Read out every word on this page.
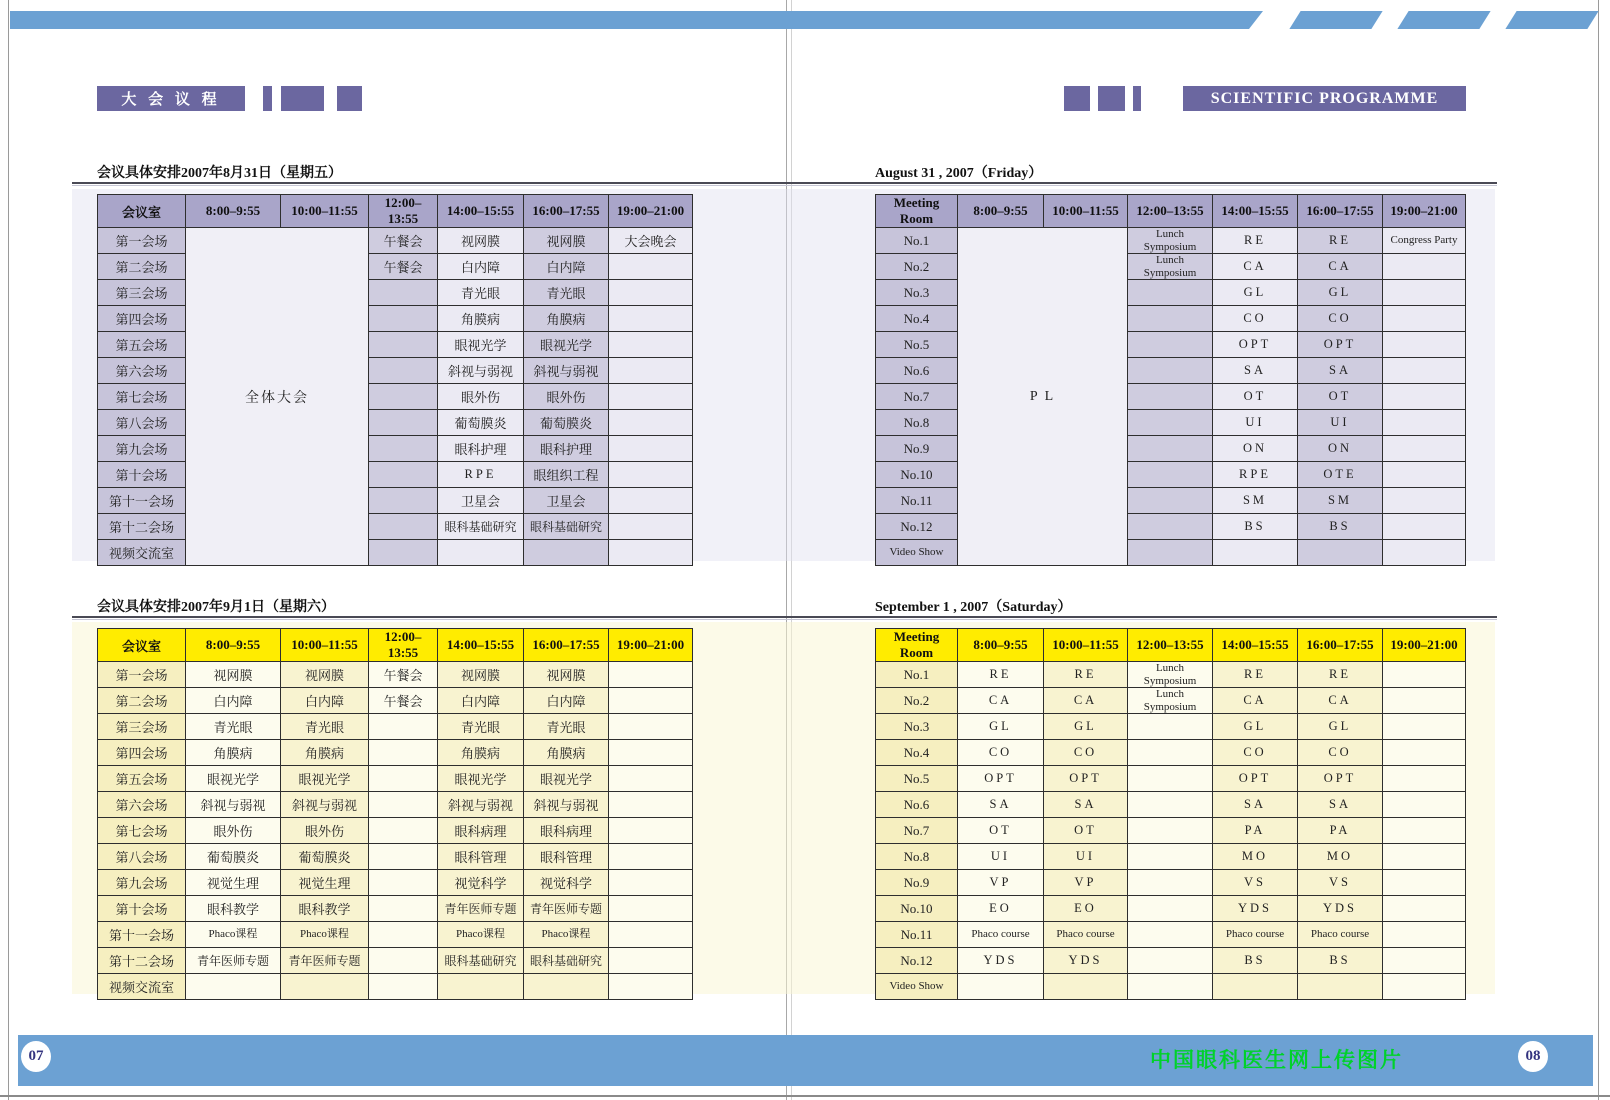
大 会 议 程	SCIENTIFIC PROGRAMME
会议具体安排2007年8月31日（星期五）	August 31 , 2007（Friday）
会议具体安排2007年9月1日（星期六）	September 1 , 2007（Saturday）
会议室	8:00–9:55	10:00–11:55	12:00–13:55	14:00–15:55	16:00–17:55	19:00–21:00
第一会场	全体大会		午餐会	视网膜	视网膜	大会晚会
第二会场			午餐会	白内障	白内障	
第三会场				青光眼	青光眼	
第四会场				角膜病	角膜病	
第五会场				眼视光学	眼视光学	
第六会场				斜视与弱视	斜视与弱视	
第七会场				眼外伤	眼外伤	
第八会场				葡萄膜炎	葡萄膜炎	
第九会场				眼科护理	眼科护理	
第十会场				RPE	眼组织工程	
第十一会场				卫星会	卫星会	
第十二会场				眼科基础研究	眼科基础研究	
视频交流室						
Meeting Room	8:00–9:55	10:00–11:55	12:00–13:55	14:00–15:55	16:00–17:55	19:00–21:00
No.1	P L		Lunch Symposium	RE	RE	Congress Party
No.2			Lunch Symposium	CA	CA	
No.3				GL	GL	
No.4				CO	CO	
No.5				OPT	OPT	
No.6				SA	SA	
No.7				OT	OT	
No.8				UI	UI	
No.9				ON	ON	
No.10				RPE	OTE	
No.11				SM	SM	
No.12				BS	BS	
Video Show						
会议室	8:00–9:55	10:00–11:55	12:00–13:55	14:00–15:55	16:00–17:55	19:00–21:00
第一会场	视网膜	视网膜	午餐会	视网膜	视网膜	
第二会场	白内障	白内障	午餐会	白内障	白内障	
第三会场	青光眼	青光眼		青光眼	青光眼	
第四会场	角膜病	角膜病		角膜病	角膜病	
第五会场	眼视光学	眼视光学		眼视光学	眼视光学	
第六会场	斜视与弱视	斜视与弱视		斜视与弱视	斜视与弱视	
第七会场	眼外伤	眼外伤		眼科病理	眼科病理	
第八会场	葡萄膜炎	葡萄膜炎		眼科管理	眼科管理	
第九会场	视觉生理	视觉生理		视觉科学	视觉科学	
第十会场	眼科教学	眼科教学		青年医师专题	青年医师专题	
第十一会场	Phaco课程	Phaco课程		Phaco课程	Phaco课程	
第十二会场	青年医师专题	青年医师专题		眼科基础研究	眼科基础研究	
视频交流室						
Meeting Room	8:00–9:55	10:00–11:55	12:00–13:55	14:00–15:55	16:00–17:55	19:00–21:00
No.1	RE	RE	Lunch Symposium	RE	RE	
No.2	CA	CA	Lunch Symposium	CA	CA	
No.3	GL	GL		GL	GL	
No.4	CO	CO		CO	CO	
No.5	OPT	OPT		OPT	OPT	
No.6	SA	SA		SA	SA	
No.7	OT	OT		PA	PA	
No.8	UI	UI		MO	MO	
No.9	VP	VP		VS	VS	
No.10	EO	EO		YDS	YDS	
No.11	Phaco course	Phaco course		Phaco course	Phaco course	
No.12	YDS	YDS		BS	BS	
Video Show						
中国眼科医生网上传图片
07	08
